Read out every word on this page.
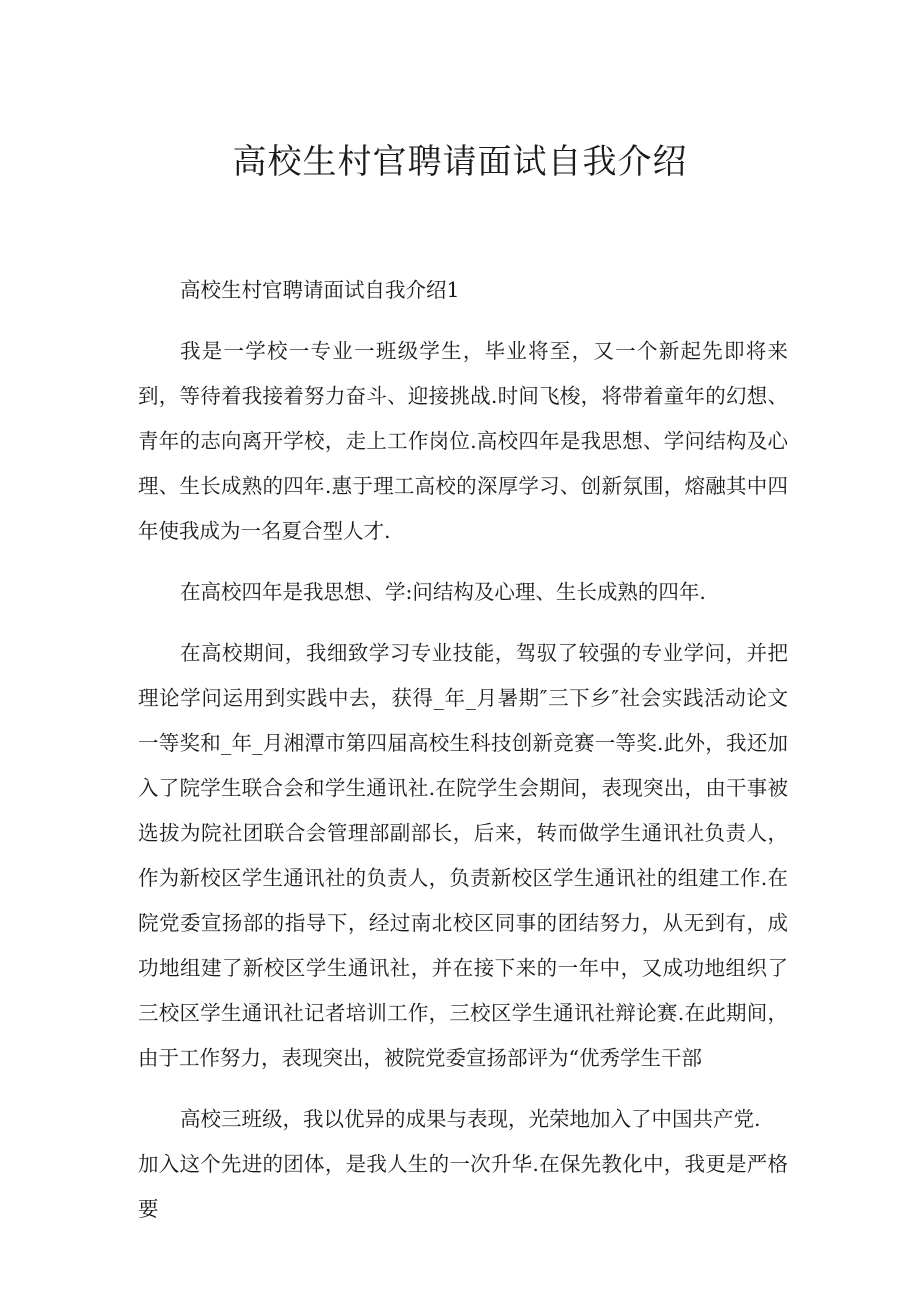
高校生村官聘请面试自我介绍

高校生村官聘请面试自我介绍1

我是一学校一专业一班级学生，毕业将至，又一个新起先即将来到，等待着我接着努力奋斗、迎接挑战.时间飞梭，将带着童年的幻想、青年的志向离开学校，走上工作岗位.高校四年是我思想、学问结构及心理、生长成熟的四年.惠于理工高校的深厚学习、创新氛围，熔融其中四年使我成为一名夏合型人才.

在高校四年是我思想、学:问结构及心理、生长成熟的四年.

在高校期间，我细致学习专业技能，驾驭了较强的专业学问，并把理论学问运用到实践中去，获得_年_月暑期″三下乡″社会实践活动论文一等奖和_年_月湘潭市第四届高校生科技创新竞赛一等奖.此外，我还加入了院学生联合会和学生通讯社.在院学生会期间，表现突出，由干事被选拔为院社团联合会管理部副部长，后来，转而做学生通讯社负责人，作为新校区学生通讯社的负责人，负责新校区学生通讯社的组建工作.在院党委宣扬部的指导下，经过南北校区同事的团结努力，从无到有，成功地组建了新校区学生通讯社，并在接下来的一年中，又成功地组织了三校区学生通讯社记者培训工作，三校区学生通讯社辩论赛.在此期间，由于工作努力，表现突出，被院党委宣扬部评为“优秀学生干部

高校三班级，我以优异的成果与表现，光荣地加入了中国共产党.

加入这个先进的团体，是我人生的一次升华.在保先教化中，我更是严格要
